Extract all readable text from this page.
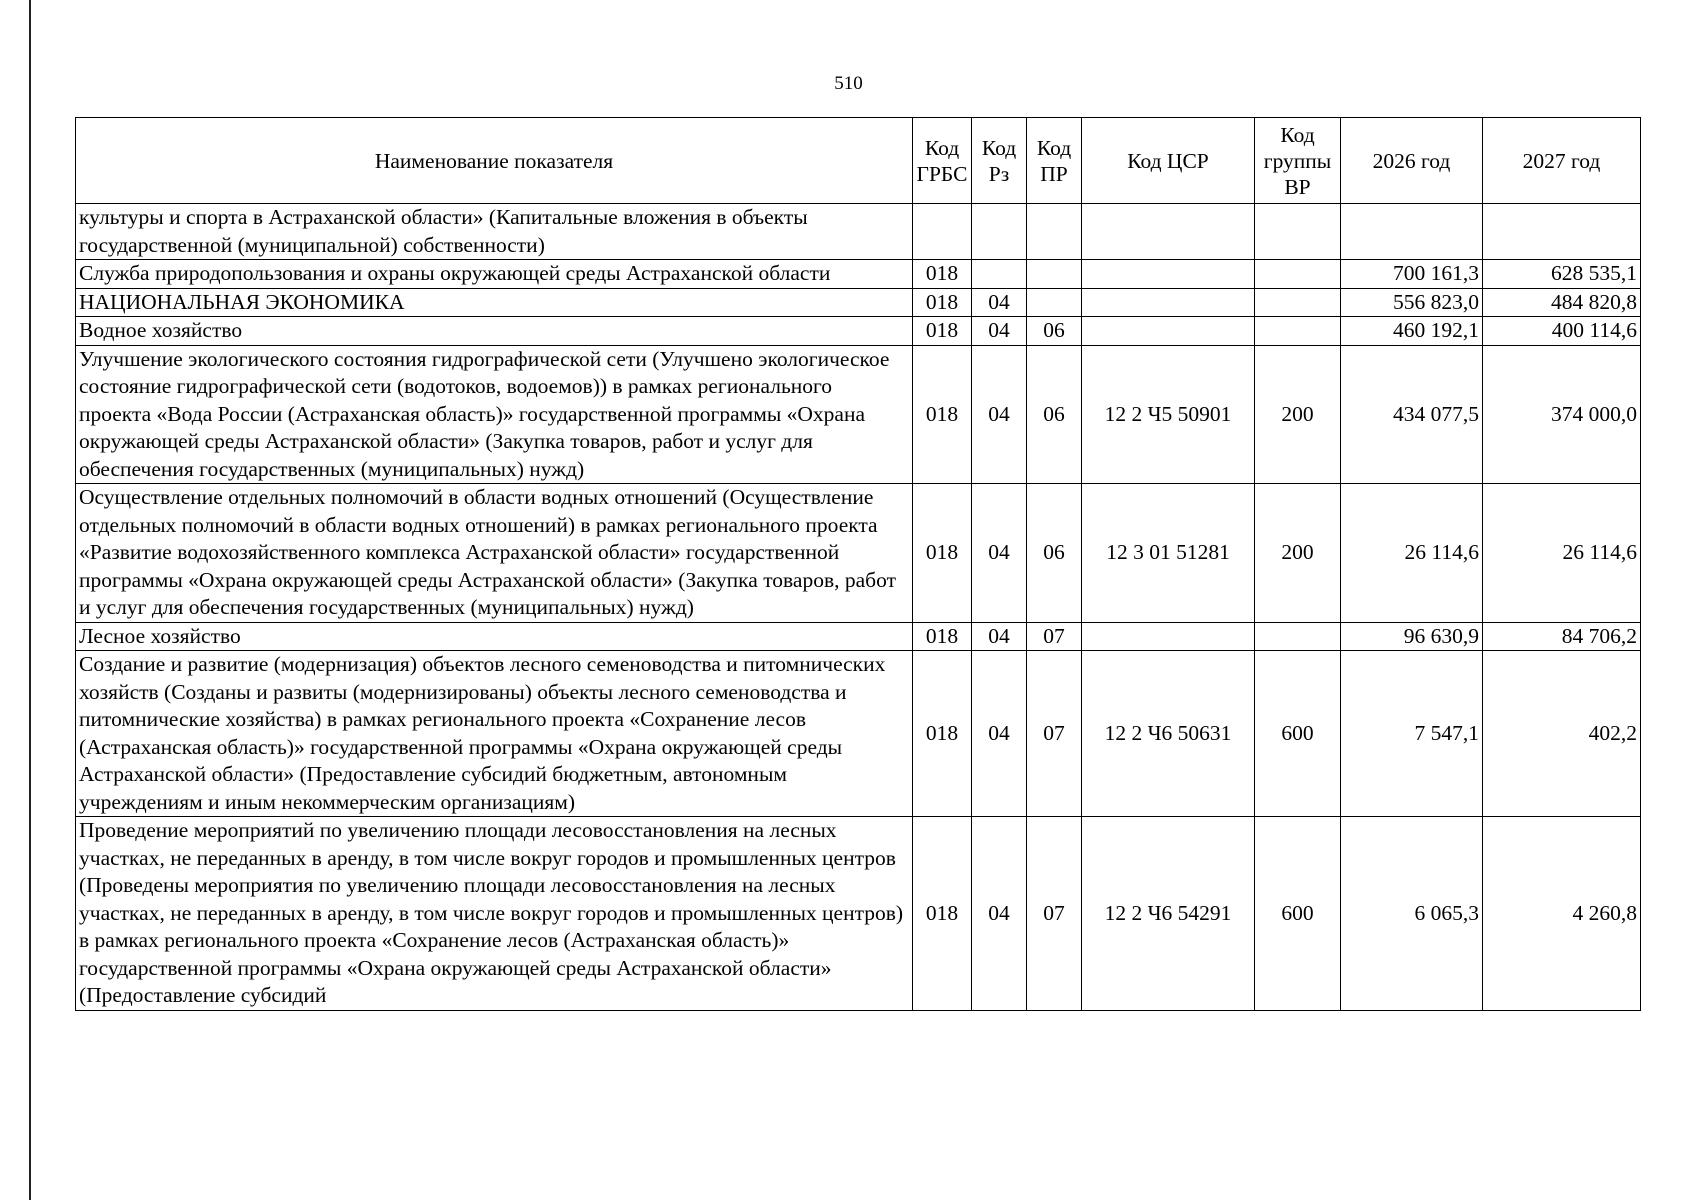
510
Наименование показателя	Код ГРБС	Код Рз	Код ПР	Код ЦСР	Код группы ВР	2026 год	2027 год
культуры и спорта в Астраханской области» (Капитальные вложения в объекты государственной (муниципальной) собственности)							
Служба природопользования и охраны окружающей среды Астраханской области	018					700 161,3	628 535,1
НАЦИОНАЛЬНАЯ ЭКОНОМИКА	018	04				556 823,0	484 820,8
Водное хозяйство	018	04	06			460 192,1	400 114,6
Улучшение экологического состояния гидрографической сети (Улучшено экологическое состояние гидрографической сети (водотоков, водоемов)) в рамках регионального проекта «Вода России (Астраханская область)» государственной программы «Охрана окружающей среды Астраханской области» (Закупка товаров, работ и услуг для обеспечения государственных (муниципальных) нужд)	018	04	06	12 2 Ч5 50901	200	434 077,5	374 000,0
Осуществление отдельных полномочий в области водных отношений (Осуществление отдельных полномочий в области водных отношений) в рамках регионального проекта «Развитие водохозяйственного комплекса Астраханской области» государственной программы «Охрана окружающей среды Астраханской области» (Закупка товаров, работ и услуг для обеспечения государственных (муниципальных) нужд)	018	04	06	12 3 01 51281	200	26 114,6	26 114,6
Лесное хозяйство	018	04	07			96 630,9	84 706,2
Создание и развитие (модернизация) объектов лесного семеноводства и питомнических хозяйств (Созданы и развиты (модернизированы) объекты лесного семеноводства и питомнические хозяйства) в рамках регионального проекта «Сохранение лесов (Астраханская область)» государственной программы «Охрана окружающей среды Астраханской области» (Предоставление субсидий бюджетным, автономным учреждениям и иным некоммерческим организациям)	018	04	07	12 2 Ч6 50631	600	7 547,1	402,2
Проведение мероприятий по увеличению площади лесовосстановления на лесных участках, не переданных в аренду, в том числе вокруг городов и промышленных центров (Проведены мероприятия по увеличению площади лесовосстановления на лесных участках, не переданных в аренду, в том числе вокруг городов и промышленных центров) в рамках регионального проекта «Сохранение лесов (Астраханская область)» государственной программы «Охрана окружающей среды Астраханской области» (Предоставление субсидий	018	04	07	12 2 Ч6 54291	600	6 065,3	4 260,8
